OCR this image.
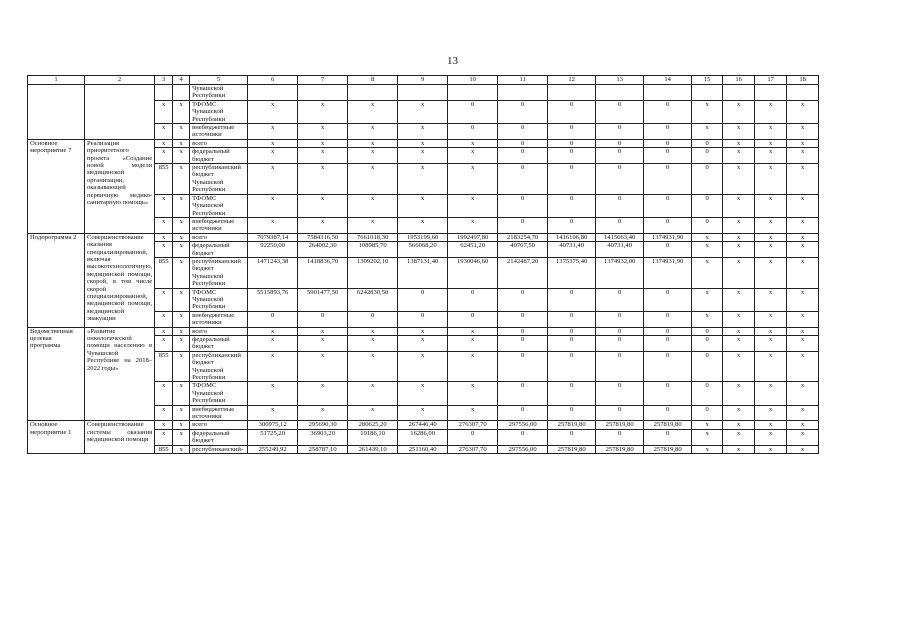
13
1	2	3	4	5	6	7	8	9	10	11	12	13	14	15	16	17	18
				Чувашской Республики													
		x	x	ТФОМС Чувашской Республики	x	x	x	x	0	0	0	0	0	x	x	x	x
		x	x	внебюджетные источники	x	x	x	x	0	0	0	0	0	x	x	x	x
Основное мероприятие 7	Реализация приоритетного проекта «Создание новой модели медицинской организации, оказывающей первичную медико-санитарную помощь»	x	x	всего	x	x	x	x	x	0	0	0	0	0	x	x	x
		x	x	федеральный бюджет	x	x	x	x	x	0	0	0	0	0	x	x	x
		855	x	республиканский бюджет Чувашской Республики	x	x	x	x	x	0	0	0	0	0	x	x	x
		x	x	ТФОМС Чувашской Республики	x	x	x	x	x	0	0	0	0	0	x	x	x
		x	x	внебюджетные источники	x	x	x	x	x	0	0	0	0	0	x	x	x
Подпрограмма 2	Совершенствование оказания специализированной, включая высокотехнологичную, медицинской помощи, скорой, в том числе скорой специализированной, медицинской помощи, медицинской эвакуации	x	x	всего	7079387,14	7584316,50	7661018,30	1953199,60	1992497,80	2183254,70	1416106,80	1415663,40	1374931,90	x	x	x	x
		x	x	федеральный бюджет	92250,00	264002,30	108985,70	566068,20	62451,20	40767,50	40731,40	40731,40	0	x	x	x	x
		855	x	республиканский бюджет Чувашской Республики	1471243,38	1418836,70	1309202,10	1387131,40	1930046,60	2142487,20	1375375,40	1374932,00	1374931,90	x	x	x	x
		x	x	ТФОМС Чувашской Республики	5515893,76	5901477,50	6242830,50	0	0	0	0	0	0	x	x	x	x
		x	x	внебюджетные источники	0	0	0	0	0	0	0	0	0	x	x	x	x
Ведомственная целевая программа	«Развитие онкологической помощи населению в Чувашской Республике на 2018–2022 годы»	x	x	всего	x	x	x	x	x	0	0	0	0	0	x	x	x
		x	x	федеральный бюджет	x	x	x	x	x	0	0	0	0	0	x	x	x
		855	x	республиканский бюджет Чувашской Республики	x	x	x	x	x	0	0	0	0	0	x	x	x
		x	x	ТФОМС Чувашской Республики	x	x	x	x	x	0	0	0	0	0	x	x	x
		x	x	внебюджетные источники	x	x	x	x	x	0	0	0	0	0	x	x	x
Основное мероприятие 1	Совершенствование системы оказания медицинской помощи	x	x	всего	306975,12	295690,30	280625,20	267446,40	276307,70	297556,00	257819,80	257819,80	257819,80	x	x	x	x
		x	x	федеральный бюджет	51725,20	36903,20	19186,10	16286,00	0	0	0	0	0	x	x	x	x
		855	x	республиканский-	255249,92	258787,10	261439,10	251160,40	276307,70	297556,00	257819,80	257819,80	257819,80	x	x	x	x
